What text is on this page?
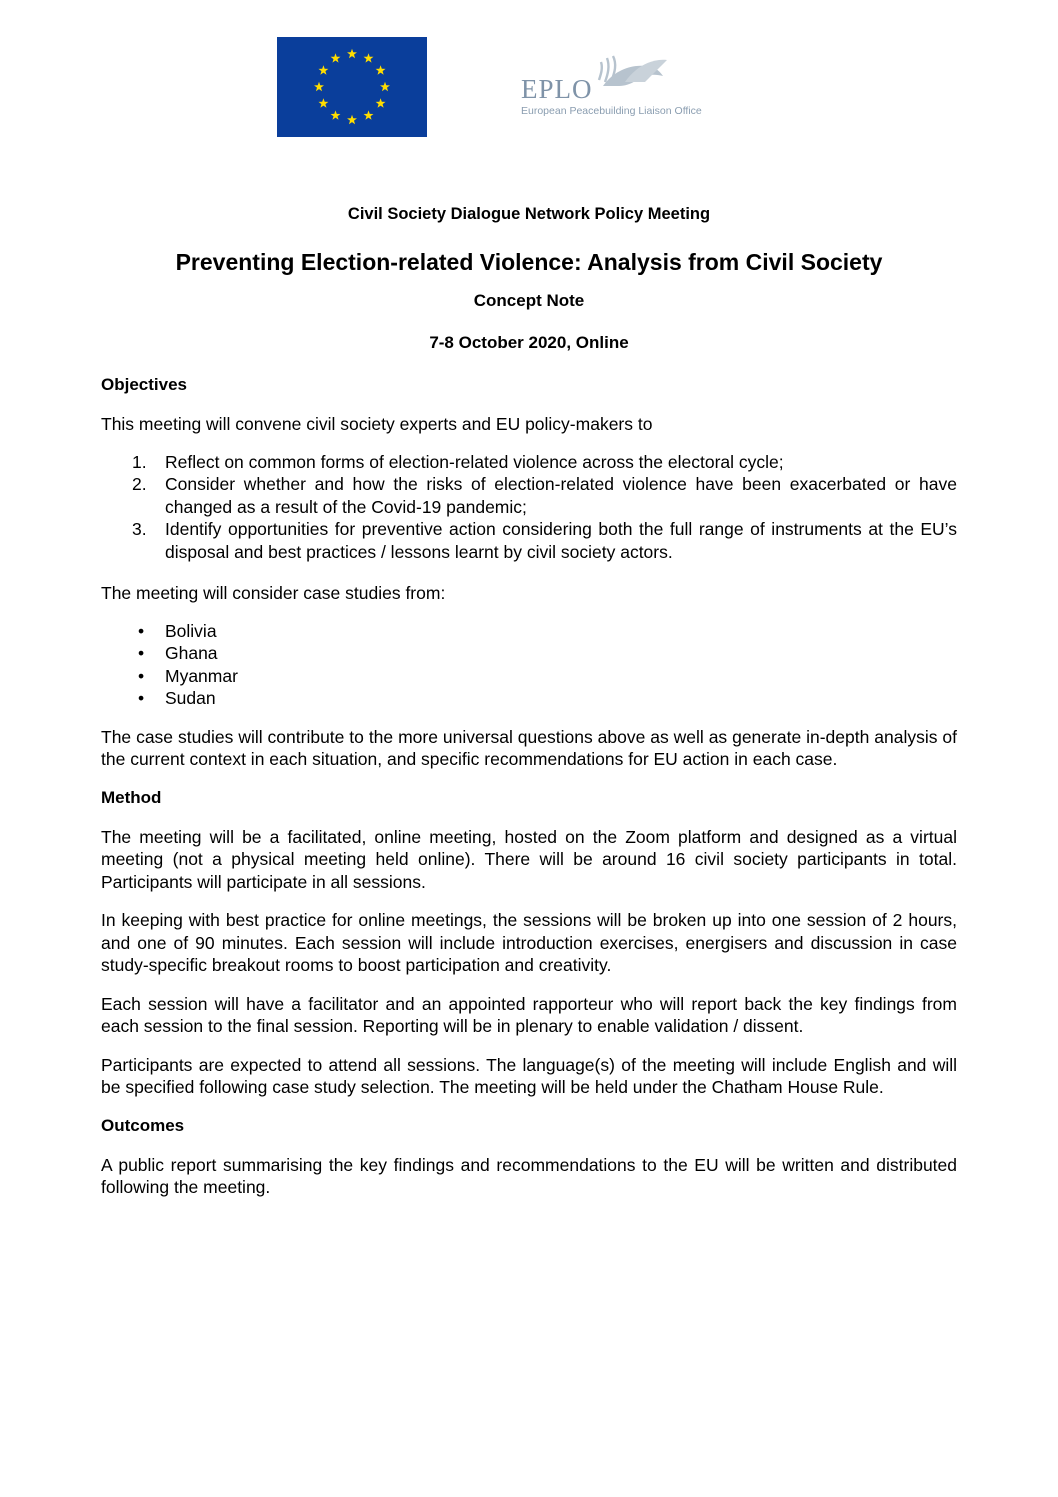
EPLO
European Peacebuilding Liaison Office
Civil Society Dialogue Network Policy Meeting
Preventing Election-related Violence: Analysis from Civil Society
Concept Note
7-8 October 2020, Online
Objectives

This meeting will convene civil society experts and EU policy-makers to

1. Reflect on common forms of election-related violence across the electoral cycle;
2. Consider whether and how the risks of election-related violence have been exacerbated or have changed as a result of the Covid-19 pandemic;
3. Identify opportunities for preventive action considering both the full range of instruments at the EU’s disposal and best practices / lessons learnt by civil society actors.

The meeting will consider case studies from:

• Bolivia
• Ghana
• Myanmar
• Sudan

The case studies will contribute to the more universal questions above as well as generate in-depth analysis of the current context in each situation, and specific recommendations for EU action in each case.

Method

The meeting will be a facilitated, online meeting, hosted on the Zoom platform and designed as a virtual meeting (not a physical meeting held online). There will be around 16 civil society participants in total. Participants will participate in all sessions.

In keeping with best practice for online meetings, the sessions will be broken up into one session of 2 hours, and one of 90 minutes. Each session will include introduction exercises, energisers and discussion in case study-specific breakout rooms to boost participation and creativity.

Each session will have a facilitator and an appointed rapporteur who will report back the key findings from each session to the final session. Reporting will be in plenary to enable validation / dissent.

Participants are expected to attend all sessions. The language(s) of the meeting will include English and will be specified following case study selection. The meeting will be held under the Chatham House Rule.

Outcomes

A public report summarising the key findings and recommendations to the EU will be written and distributed following the meeting.
